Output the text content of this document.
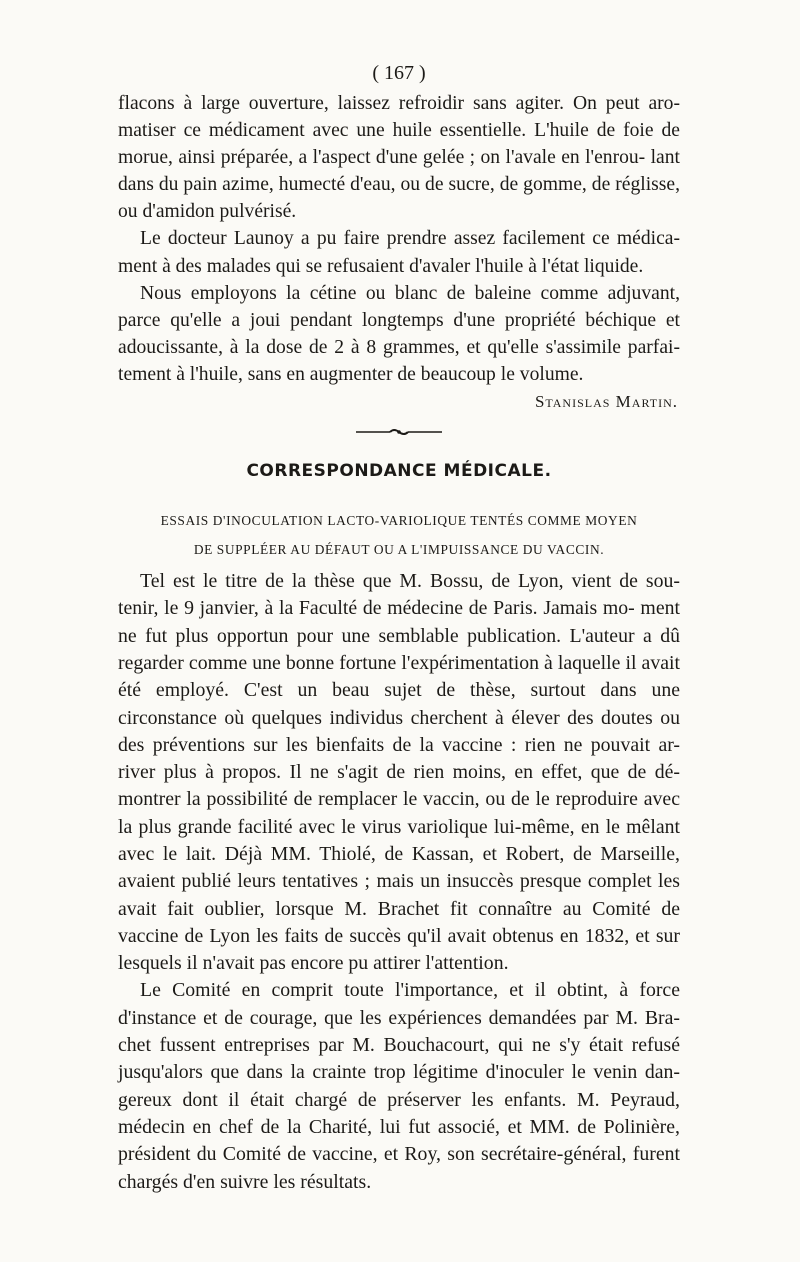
( 167 )

flacons à large ouverture, laissez refroidir sans agiter. On peut aro- matiser ce médicament avec une huile essentielle. L'huile de foie de morue, ainsi préparée, a l'aspect d'une gelée ; on l'avale en l'enrou- lant dans du pain azime, humecté d'eau, ou de sucre, de gomme, de réglisse, ou d'amidon pulvérisé.

Le docteur Launoy a pu faire prendre assez facilement ce médica- ment à des malades qui se refusaient d'avaler l'huile à l'état liquide.

Nous employons la cétine ou blanc de baleine comme adjuvant, parce qu'elle a joui pendant longtemps d'une propriété béchique et adoucissante, à la dose de 2 à 8 grammes, et qu'elle s'assimile parfai- tement à l'huile, sans en augmenter de beaucoup le volume.

Stanislas Martin.

CORRESPONDANCE MÉDICALE.

ESSAIS D'INOCULATION LACTO-VARIOLIQUE TENTÉS COMME MOYEN

DE SUPPLÉER AU DÉFAUT OU A L'IMPUISSANCE DU VACCIN.

Tel est le titre de la thèse que M. Bossu, de Lyon, vient de sou- tenir, le 9 janvier, à la Faculté de médecine de Paris. Jamais mo- ment ne fut plus opportun pour une semblable publication. L'auteur a dû regarder comme une bonne fortune l'expérimentation à laquelle il avait été employé. C'est un beau sujet de thèse, surtout dans une circonstance où quelques individus cherchent à élever des doutes ou des préventions sur les bienfaits de la vaccine : rien ne pouvait ar- river plus à propos. Il ne s'agit de rien moins, en effet, que de dé- montrer la possibilité de remplacer le vaccin, ou de le reproduire avec la plus grande facilité avec le virus variolique lui-même, en le mêlant avec le lait. Déjà MM. Thiolé, de Kassan, et Robert, de Marseille, avaient publié leurs tentatives ; mais un insuccès presque complet les avait fait oublier, lorsque M. Brachet fit connaître au Comité de vaccine de Lyon les faits de succès qu'il avait obtenus en 1832, et sur lesquels il n'avait pas encore pu attirer l'attention.

Le Comité en comprit toute l'importance, et il obtint, à force d'instance et de courage, que les expériences demandées par M. Bra- chet fussent entreprises par M. Bouchacourt, qui ne s'y était refusé jusqu'alors que dans la crainte trop légitime d'inoculer le venin dan- gereux dont il était chargé de préserver les enfants. M. Peyraud, médecin en chef de la Charité, lui fut associé, et MM. de Polinière, président du Comité de vaccine, et Roy, son secrétaire-général, furent chargés d'en suivre les résultats.
